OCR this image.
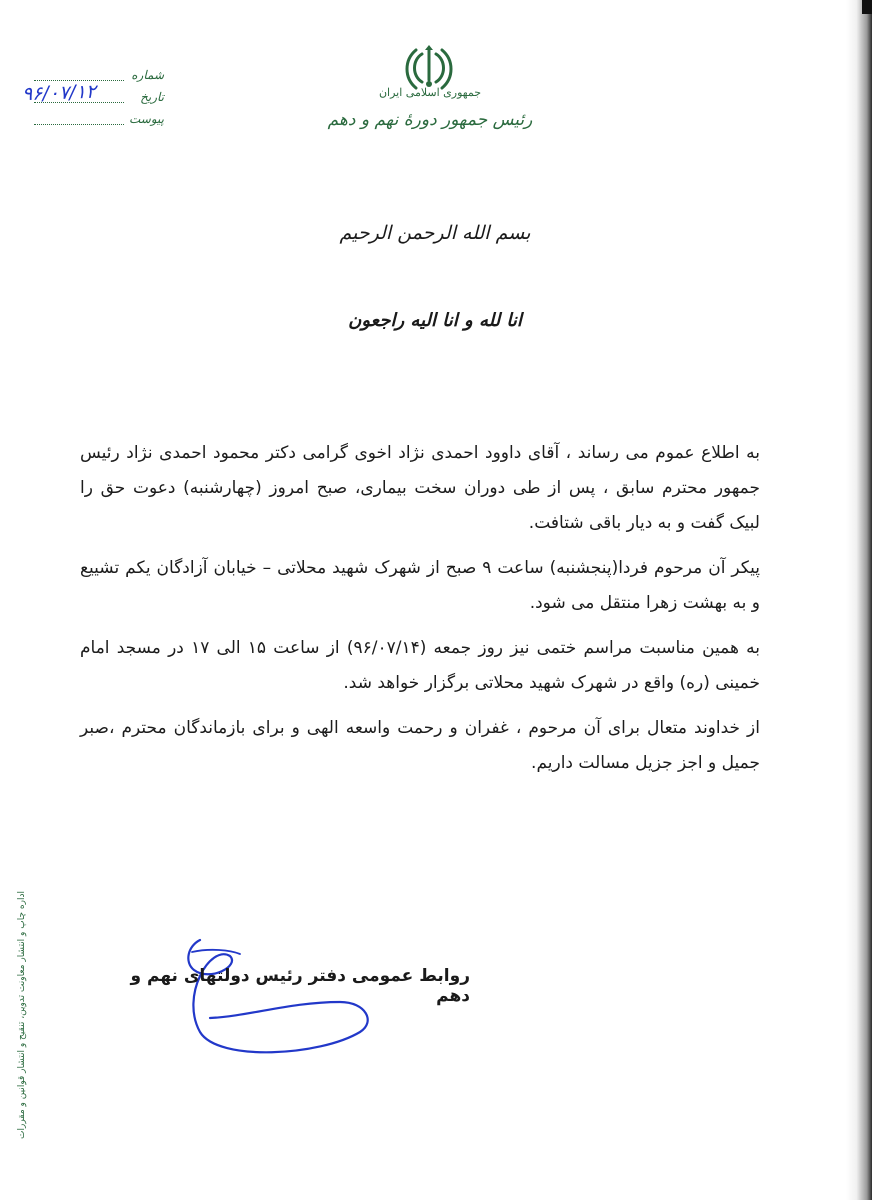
جمهوری اسلامی ایران
رئیس جمهور دورهٔ نهم و دهم
شماره
تاریخ
۹۶/۰۷/۱۲
پیوست
بسم الله الرحمن الرحیم
انا لله و انا الیه راجعون

به اطلاع عموم می رساند ، آقای داوود احمدی نژاد اخوی گرامی دکتر محمود احمدی نژاد رئیس جمهور محترم سابق ، پس از طی دوران سخت بیماری، صبح امروز (چهارشنبه) دعوت حق را لبیک گفت و به دیار باقی شتافت.

پیکر آن مرحوم فردا(پنجشنبه) ساعت ۹ صبح از شهرک شهید محلاتی – خیابان آزادگان یکم تشییع و به بهشت زهرا منتقل می شود.

به همین مناسبت مراسم ختمی نیز روز جمعه (۹۶/۰۷/۱۴) از ساعت ۱۵ الی ۱۷ در مسجد امام خمینی (ره) واقع در شهرک شهید محلاتی برگزار خواهد شد.

از خداوند متعال برای آن مرحوم ، غفران و رحمت واسعه الهی و برای بازماندگان محترم ،صبر جمیل و اجز جزیل مسالت داریم.

روابط عمومی دفتر رئیس دولتهای نهم و دهم
اداره چاپ و انتشار معاونت تدوین، تنقیح و انتشار قوانین و مقررات
